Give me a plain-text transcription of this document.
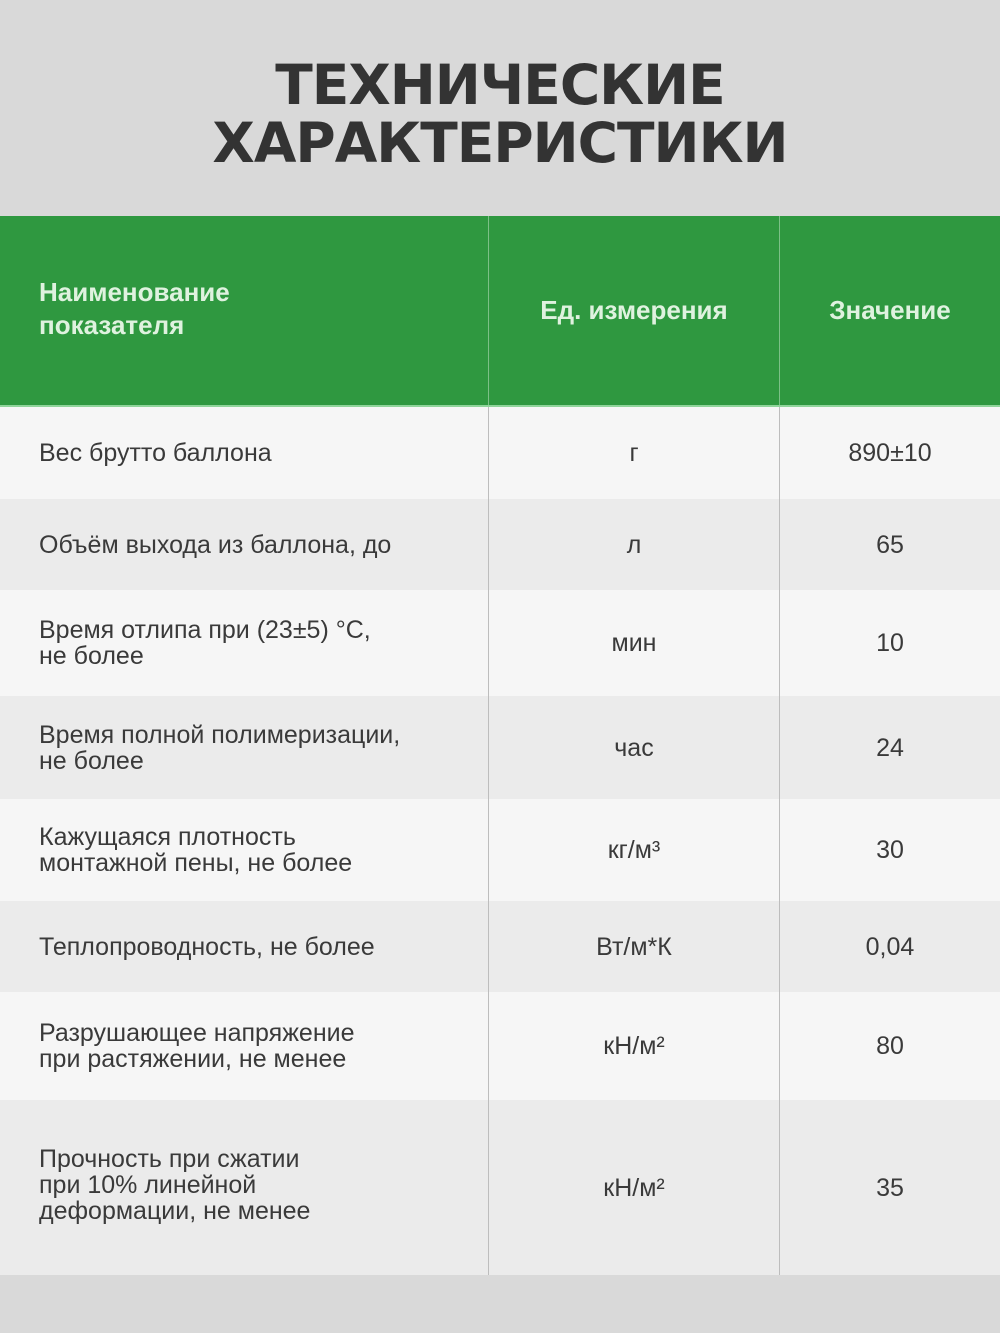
ТЕХНИЧЕСКИЕ
ХАРАКТЕРИСТИКИ
Наименование
показателя	Ед. измерения	Значение
Вес брутто баллона	г	890±10
Объём выхода из баллона, до	л	65
Время отлипа при (23±5) °С,
не более	мин	10
Время полной полимеризации,
не более	час	24
Кажущаяся плотность
монтажной пены, не более	кг/м³	30
Теплопроводность, не более	Вт/м*К	0,04
Разрушающее напряжение
при растяжении, не менее	кН/м²	80
Прочность при сжатии
при 10% линейной
деформации, не менее
кН/м²	35
